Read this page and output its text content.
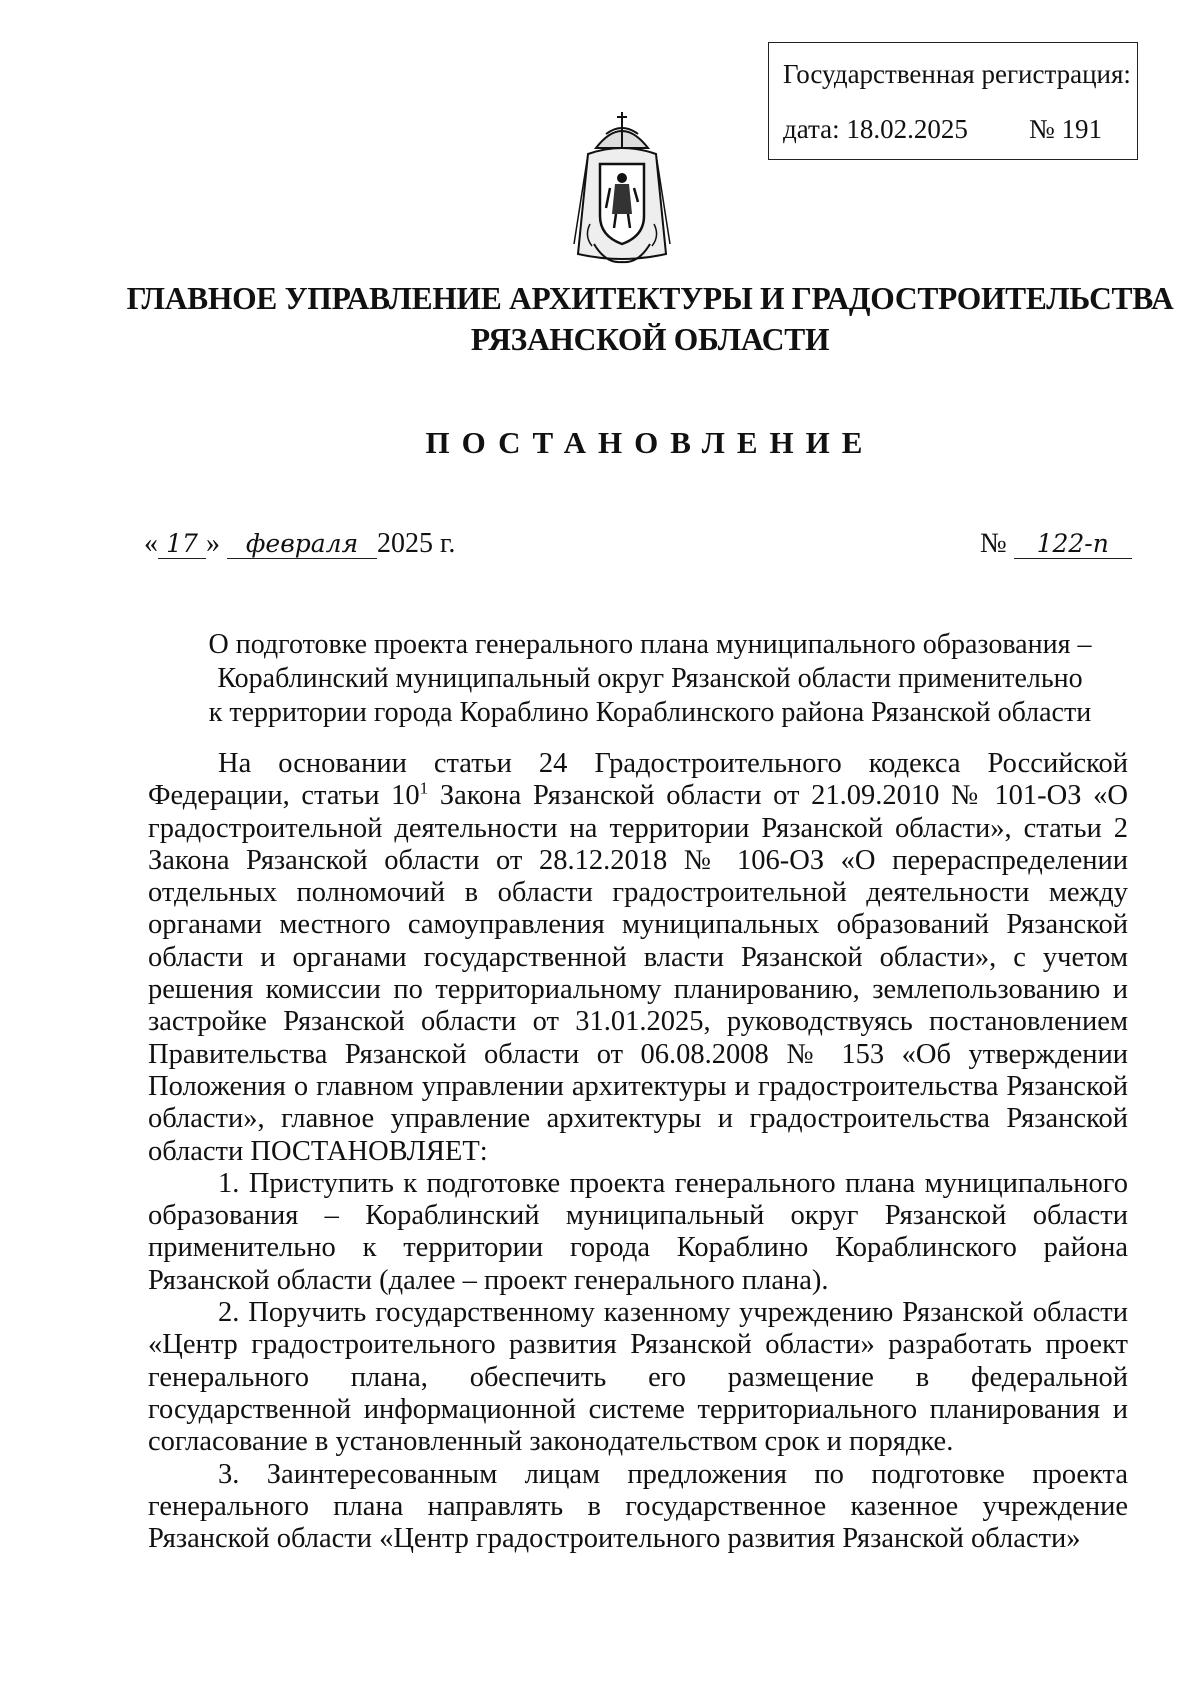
Государственная регистрация:
дата: 18.02.2025 № 191
ГЛАВНОЕ УПРАВЛЕНИЕ АРХИТЕКТУРЫ И ГРАДОСТРОИТЕЛЬСТВА
РЯЗАНСКОЙ ОБЛАСТИ
ПОСТАНОВЛЕНИЕ
« 17 » февраля 2025 г.	№ 122-п
О подготовке проекта генерального плана муниципального образования –
Кораблинский муниципальный округ Рязанской области применительно
к территории города Кораблино Кораблинского района Рязанской области

На основании статьи 24 Градостроительного кодекса Российской Федерации, статьи $10^1$ Закона Рязанской области от 21.09.2010 № 101-ОЗ «О градостроительной деятельности на территории Рязанской области», статьи 2 Закона Рязанской области от 28.12.2018 № 106-ОЗ «О перераспределении отдельных полномочий в области градостроительной деятельности между органами местного самоуправления муниципальных образований Рязанской области и органами государственной власти Рязанской области», с учетом решения комиссии по территориальному планированию, землепользованию и застройке Рязанской области от 31.01.2025, руководствуясь постановлением Правительства Рязанской области от 06.08.2008 № 153 «Об утверждении Положения о главном управлении архитектуры и градостроительства Рязанской области», главное управление архитектуры и градостроительства Рязанской области ПОСТАНОВЛЯЕТ:

1. Приступить к подготовке проекта генерального плана муниципального образования – Кораблинский муниципальный округ Рязанской области применительно к территории города Кораблино Кораблинского района Рязанской области (далее – проект генерального плана).

2. Поручить государственному казенному учреждению Рязанской области «Центр градостроительного развития Рязанской области» разработать проект генерального плана, обеспечить его размещение в федеральной государственной информационной системе территориального планирования и согласование в установленный законодательством срок и порядке.

3. Заинтересованным лицам предложения по подготовке проекта генерального плана направлять в государственное казенное учреждение Рязанской области «Центр градостроительного развития Рязанской области»
